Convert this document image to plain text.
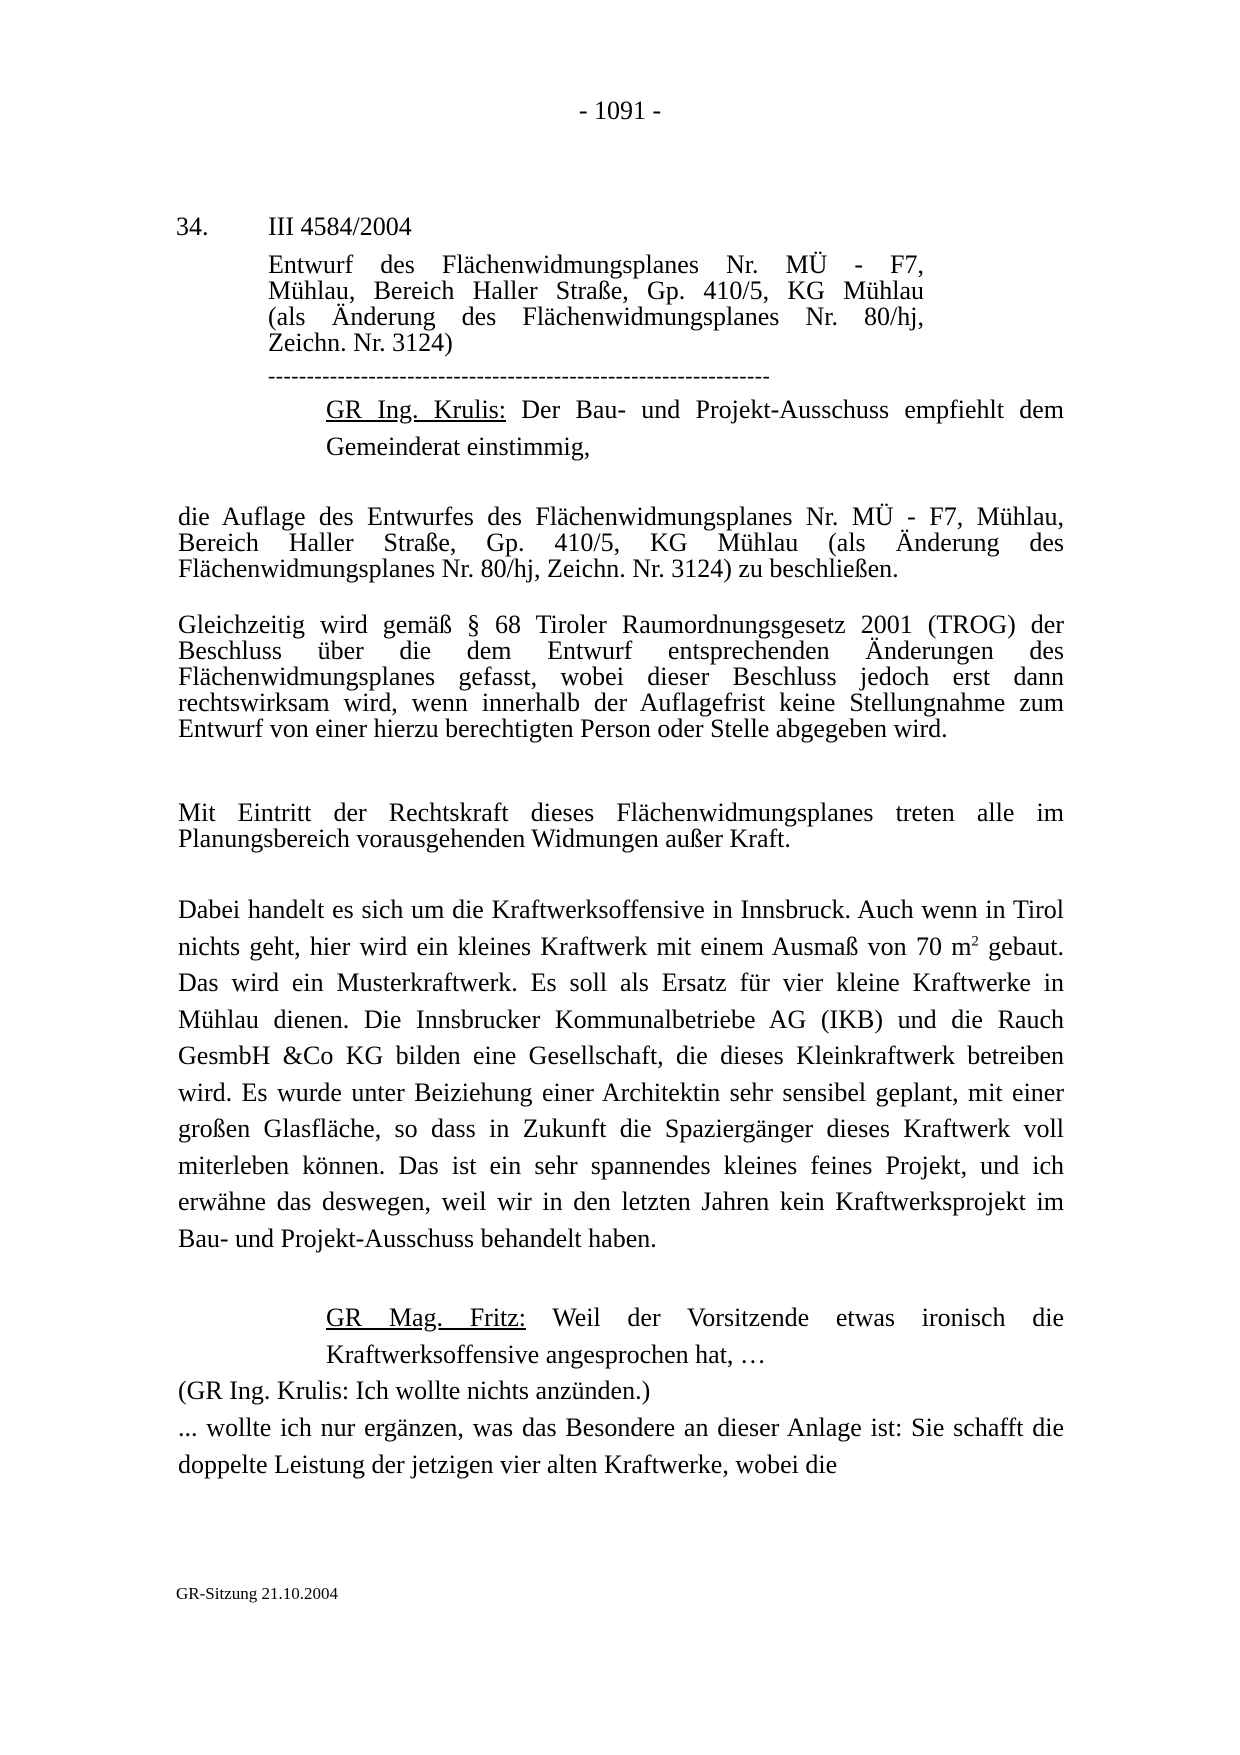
- 1091 -
34. III 4584/2004
Entwurf des Flächenwidmungsplanes Nr. MÜ - F7,
Mühlau, Bereich Haller Straße, Gp. 410/5, KG Mühlau
(als Änderung des Flächenwidmungsplanes Nr. 80/hj,
Zeichn. Nr. 3124)
-----------------------------------------------------------------
GR Ing. Krulis: Der Bau- und Projekt-Ausschuss empfiehlt dem Gemeinderat einstimmig,
die Auflage des Entwurfes des Flächenwidmungsplanes Nr. MÜ - F7, Mühlau, Bereich Haller Straße, Gp. 410/5, KG Mühlau (als Änderung des Flächenwidmungsplanes Nr. 80/hj, Zeichn. Nr. 3124) zu beschließen.
Gleichzeitig wird gemäß § 68 Tiroler Raumordnungsgesetz 2001 (TROG) der Beschluss über die dem Entwurf entsprechenden Änderungen des Flächenwidmungsplanes gefasst, wobei dieser Beschluss jedoch erst dann rechtswirksam wird, wenn innerhalb der Auflagefrist keine Stellungnahme zum Entwurf von einer hierzu berechtigten Person oder Stelle abgegeben wird.
Mit Eintritt der Rechtskraft dieses Flächenwidmungsplanes treten alle im Planungsbereich vorausgehenden Widmungen außer Kraft.
Dabei handelt es sich um die Kraftwerksoffensive in Innsbruck. Auch wenn in Tirol nichts geht, hier wird ein kleines Kraftwerk mit einem Ausmaß von 70 $m^2$ gebaut. Das wird ein Musterkraftwerk. Es soll als Ersatz für vier kleine Kraftwerke in Mühlau dienen. Die Innsbrucker Kommunalbetriebe AG (IKB) und die Rauch GesmbH &Co KG bilden eine Gesellschaft, die dieses Kleinkraftwerk betreiben wird. Es wurde unter Beiziehung einer Architektin sehr sensibel geplant, mit einer großen Glasfläche, so dass in Zukunft die Spaziergänger dieses Kraftwerk voll miterleben können. Das ist ein sehr spannendes kleines feines Projekt, und ich erwähne das deswegen, weil wir in den letzten Jahren kein Kraftwerksprojekt im Bau- und Projekt-Ausschuss behandelt haben.
GR Mag. Fritz: Weil der Vorsitzende etwas ironisch die Kraftwerksoffensive angesprochen hat, …
(GR Ing. Krulis: Ich wollte nichts anzünden.)
... wollte ich nur ergänzen, was das Besondere an dieser Anlage ist: Sie schafft die doppelte Leistung der jetzigen vier alten Kraftwerke, wobei die
GR-Sitzung 21.10.2004
